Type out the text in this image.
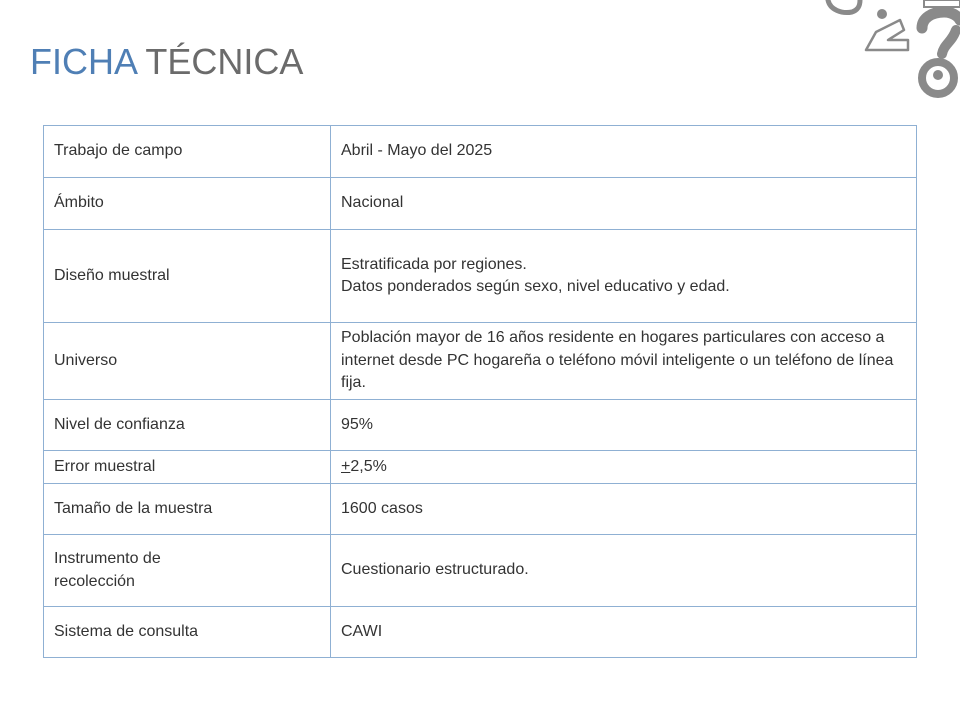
FICHA TÉCNICA
Trabajo de campo	Abril - Mayo del 2025
Ámbito	Nacional
Diseño muestral	Estratificada por regiones.
Datos ponderados según sexo, nivel educativo y edad.
Universo	Población mayor de 16 años residente en hogares particulares con acceso a internet desde PC hogareña o teléfono móvil inteligente o un teléfono de línea fija.
Nivel de confianza	95%
Error muestral	+2,5%
Tamaño de la muestra	1600 casos
Instrumento de
recolección	Cuestionario estructurado.
Sistema de consulta	CAWI
